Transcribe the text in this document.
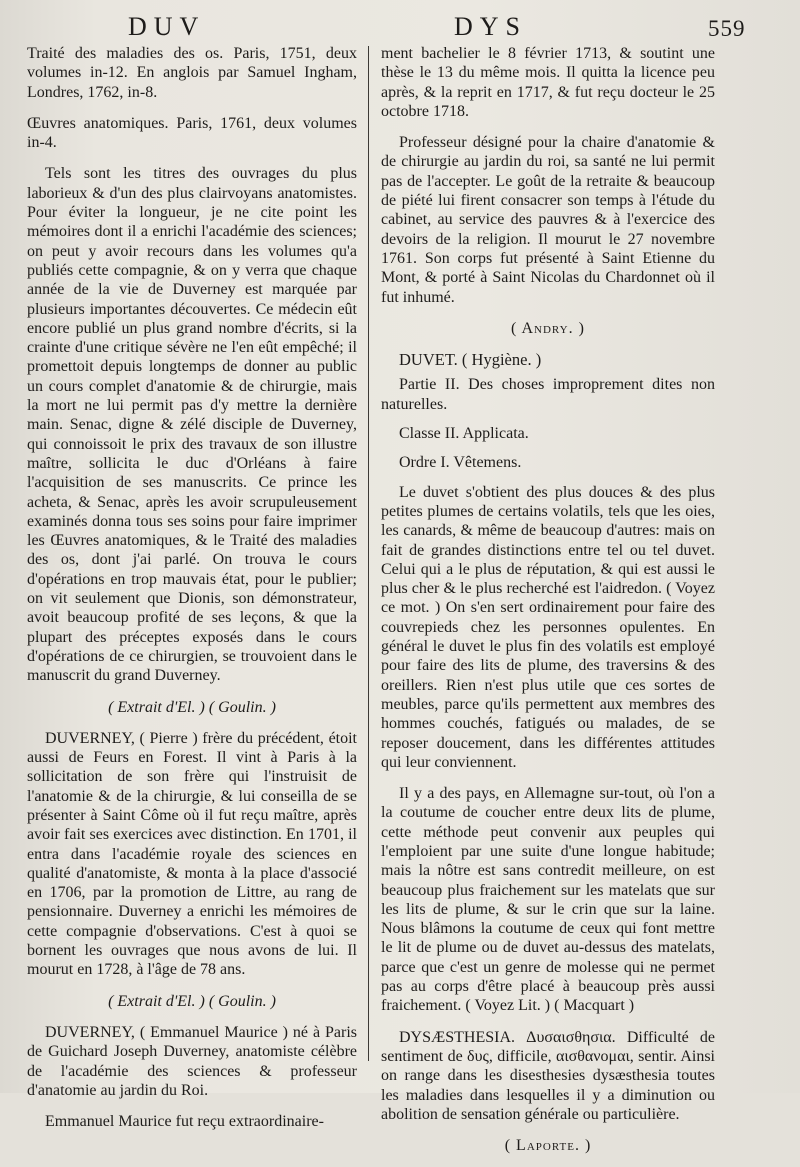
DUV	DYS	559

Traité des maladies des os. Paris, 1751, deux volumes in-12. En anglois par Samuel Ingham, Londres, 1762, in-8.

Œuvres anatomiques. Paris, 1761, deux volumes in-4.

Tels sont les titres des ouvrages du plus laborieux & d'un des plus clairvoyans anatomistes. Pour éviter la longueur, je ne cite point les mémoires dont il a enrichi l'académie des sciences; on peut y avoir recours dans les volumes qu'a publiés cette compagnie, & on y verra que chaque année de la vie de Duverney est marquée par plusieurs importantes découvertes. Ce médecin eût encore publié un plus grand nombre d'écrits, si la crainte d'une critique sévère ne l'en eût empêché; il promettoit depuis longtemps de donner au public un cours complet d'anatomie & de chirurgie, mais la mort ne lui permit pas d'y mettre la dernière main. Senac, digne & zélé disciple de Duverney, qui connoissoit le prix des travaux de son illustre maître, sollicita le duc d'Orléans à faire l'acquisition de ses manuscrits. Ce prince les acheta, & Senac, après les avoir scrupuleusement examinés donna tous ses soins pour faire imprimer les Œuvres anatomiques, & le Traité des maladies des os, dont j'ai parlé. On trouva le cours d'opérations en trop mauvais état, pour le publier; on vit seulement que Dionis, son démonstrateur, avoit beaucoup profité de ses leçons, & que la plupart des préceptes exposés dans le cours d'opérations de ce chirurgien, se trouvoient dans le manuscrit du grand Duverney.

( Extrait d'El. ) ( Goulin. )

DUVERNEY, ( Pierre ) frère du précédent, étoit aussi de Feurs en Forest. Il vint à Paris à la sollicitation de son frère qui l'instruisit de l'anatomie & de la chirurgie, & lui conseilla de se présenter à Saint Côme où il fut reçu maître, après avoir fait ses exercices avec distinction. En 1701, il entra dans l'académie royale des sciences en qualité d'anatomiste, & monta à la place d'associé en 1706, par la promotion de Littre, au rang de pensionnaire. Duverney a enrichi les mémoires de cette compagnie d'observations. C'est à quoi se bornent les ouvrages que nous avons de lui. Il mourut en 1728, à l'âge de 78 ans.

( Extrait d'El. ) ( Goulin. )

DUVERNEY, ( Emmanuel Maurice ) né à Paris de Guichard Joseph Duverney, anatomiste célèbre de l'académie des sciences & professeur d'anatomie au jardin du Roi.

Emmanuel Maurice fut reçu extraordinaire-

ment bachelier le 8 février 1713, & soutint une thèse le 13 du même mois. Il quitta la licence peu après, & la reprit en 1717, & fut reçu docteur le 25 octobre 1718.

Professeur désigné pour la chaire d'anatomie & de chirurgie au jardin du roi, sa santé ne lui permit pas de l'accepter. Le goût de la retraite & beaucoup de piété lui firent consacrer son temps à l'étude du cabinet, au service des pauvres & à l'exercice des devoirs de la religion. Il mourut le 27 novembre 1761. Son corps fut présenté à Saint Etienne du Mont, & porté à Saint Nicolas du Chardonnet où il fut inhumé.

( Andry. )

DUVET. ( Hygiène. )

Partie II. Des choses improprement dites non naturelles.

Classe II. Applicata.

Ordre I. Vêtemens.

Le duvet s'obtient des plus douces & des plus petites plumes de certains volatils, tels que les oies, les canards, & même de beaucoup d'autres: mais on fait de grandes distinctions entre tel ou tel duvet. Celui qui a le plus de réputation, & qui est aussi le plus cher & le plus recherché est l'aidredon. ( Voyez ce mot. ) On s'en sert ordinairement pour faire des couvrepieds chez les personnes opulentes. En général le duvet le plus fin des volatils est employé pour faire des lits de plume, des traversins & des oreillers. Rien n'est plus utile que ces sortes de meubles, parce qu'ils permettent aux membres des hommes couchés, fatigués ou malades, de se reposer doucement, dans les différentes attitudes qui leur conviennent.

Il y a des pays, en Allemagne sur-tout, où l'on a la coutume de coucher entre deux lits de plume, cette méthode peut convenir aux peuples qui l'emploient par une suite d'une longue habitude; mais la nôtre est sans contredit meilleure, on est beaucoup plus fraichement sur les matelats que sur les lits de plume, & sur le crin que sur la laine. Nous blâmons la coutume de ceux qui font mettre le lit de plume ou de duvet au-dessus des matelats, parce que c'est un genre de molesse qui ne permet pas au corps d'être placé à beaucoup près aussi fraichement. ( Voyez Lit. ) ( Macquart )

DYSÆSTHESIA. Δυσαισθησια. Difficulté de sentiment de δυς, difficile, αισθανομαι, sentir. Ainsi on range dans les disesthesies dysæsthesia toutes les maladies dans lesquelles il y a diminution ou abolition de sensation générale ou particulière.

( Laporte. )
